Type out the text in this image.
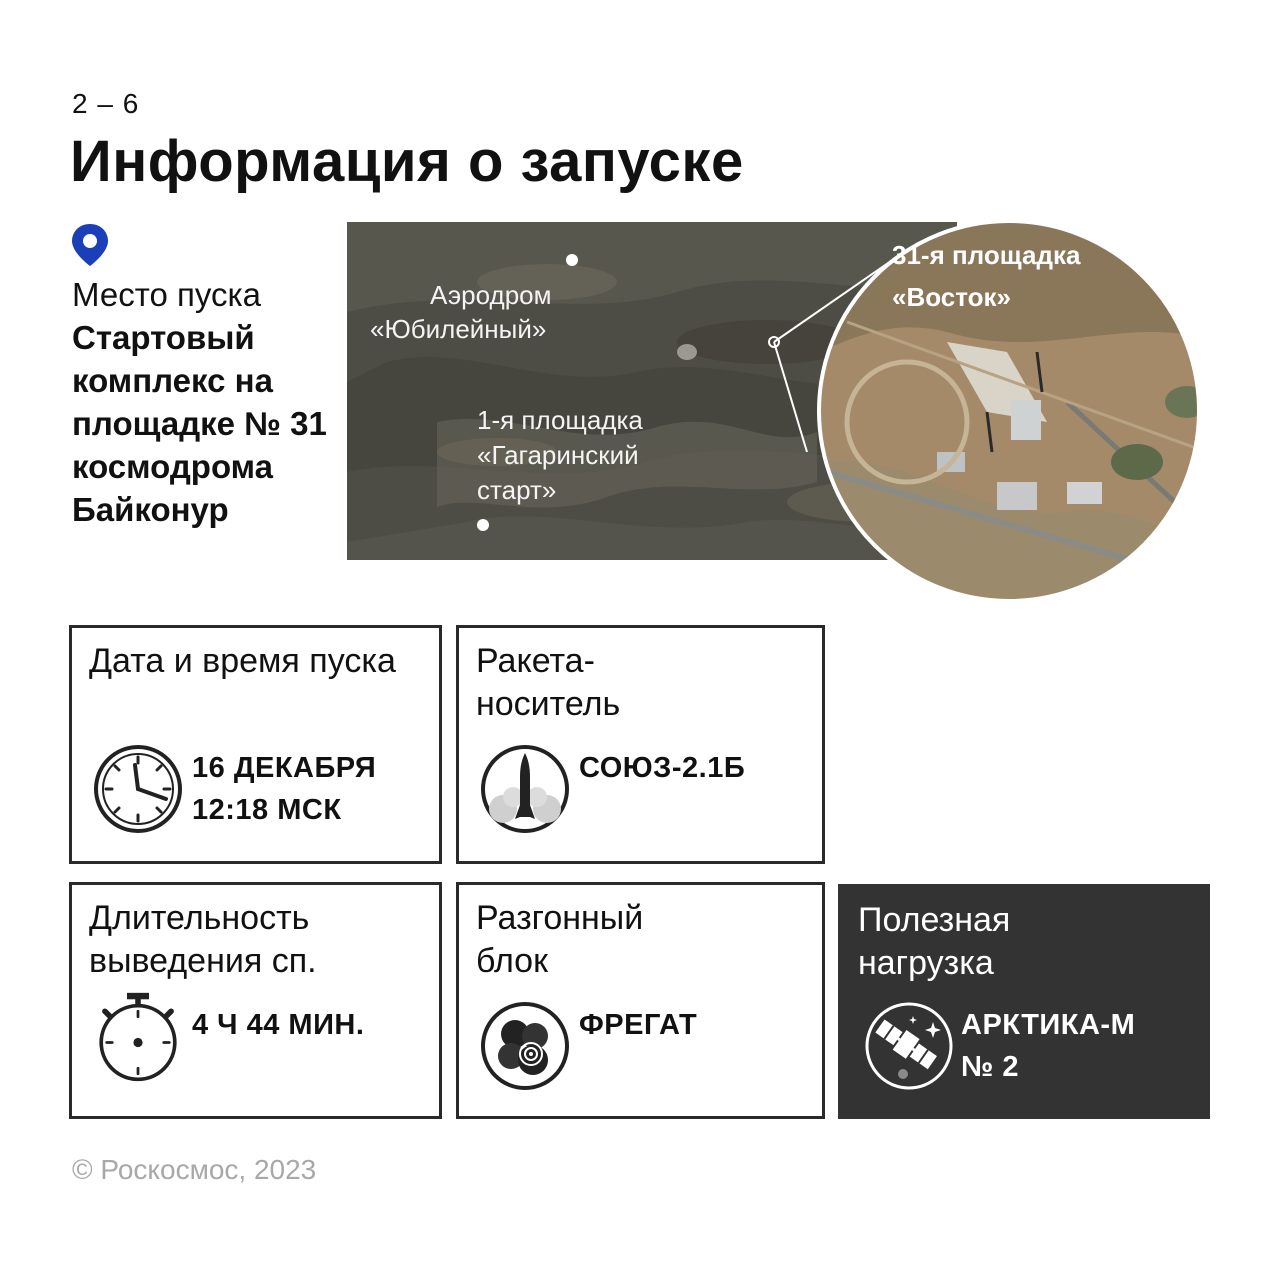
2 – 6
Информация о запуске
Место пуска
Стартовый комплекс на площадке № 31 космодрома Байконур
Аэродром
«Юбилейный»
1-я площадка
«Гагаринский
старт»
31-я площадка
«Восток»
Дата и время пуска
16 ДЕКАБРЯ
12:18 МСК
Ракета-носитель
СОЮЗ-2.1Б
Длительность выведения сп.
4 Ч 44 МИН.
Разгонный блок
ФРЕГАТ
Полезная нагрузка
АРКТИКА-М
№ 2
© Роскосмос, 2023
